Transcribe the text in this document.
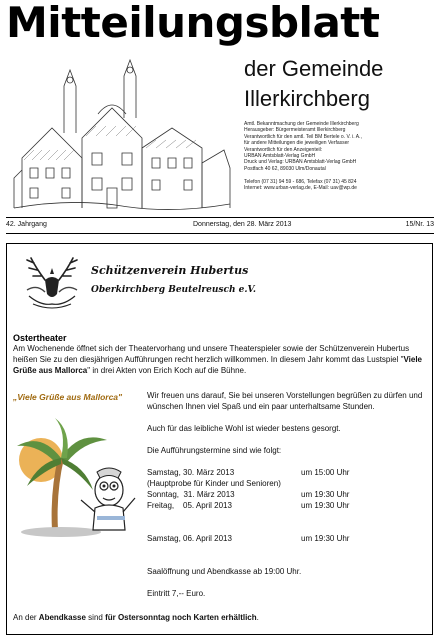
Mitteilungsblatt
der Gemeinde
Illerkirchberg
Amtl. Bekanntmachung der Gemeinde Illerkirchberg
Herausgeber: Bürgermeisteramt Illerkirchberg
Verantwortlich für den amtl. Teil BM Bertele o. V. i. A.,
für andere Mitteilungen die jeweiligen Verfasser
Verantwortlich für den Anzeigenteil:
URBAN Amtsblatt-Verlag GmbH
Druck und Verlag: URBAN Amtsblatt-Verlag GmbH
Postfach 40 62, 89030 Ulm/Donautal
Telefon (07 31) 94 59 - 686, Telefax (07 31) 45 824
Internet: www.urban-verlag.de, E-Mail: uav@wp.de
42. Jahrgang	Donnerstag, den 28. März 2013	15/Nr. 13
Schützenverein Hubertus
Oberkirchberg Beutelreusch e.V.
Ostertheater
Am Wochenende öffnet sich der Theatervorhang und unsere Theaterspieler sowie der Schützenverein Hubertus heißen Sie zu den diesjährigen Aufführungen recht herzlich willkommen. In diesem Jahr kommt das Lustspiel "Viele Grüße aus Mallorca" in drei Akten von Erich Koch auf die Bühne.
„Viele Grüße aus Mallorca"	Wir freuen uns darauf, Sie bei unseren Vorstellungen begrüßen zu dürfen und wünschen Ihnen viel Spaß und ein paar unterhaltsame Stunden.

Auch für das leibliche Wohl ist wieder bestens gesorgt.

Die Aufführungstermine sind wie folgt:

Samstag, 30. März 2013	um 15:00 Uhr
(Hauptprobe für Kinder und Senioren)
Sonntag,  31. März 2013	um 19:30 Uhr
Freitag,    05. April 2013	um 19:30 Uhr
Samstag, 06. April 2013	um 19:30 Uhr

Saalöffnung und Abendkasse ab 19:00 Uhr.

Eintritt 7,-- Euro.

An der Abendkasse sind für Ostersonntag noch Karten erhältlich.
